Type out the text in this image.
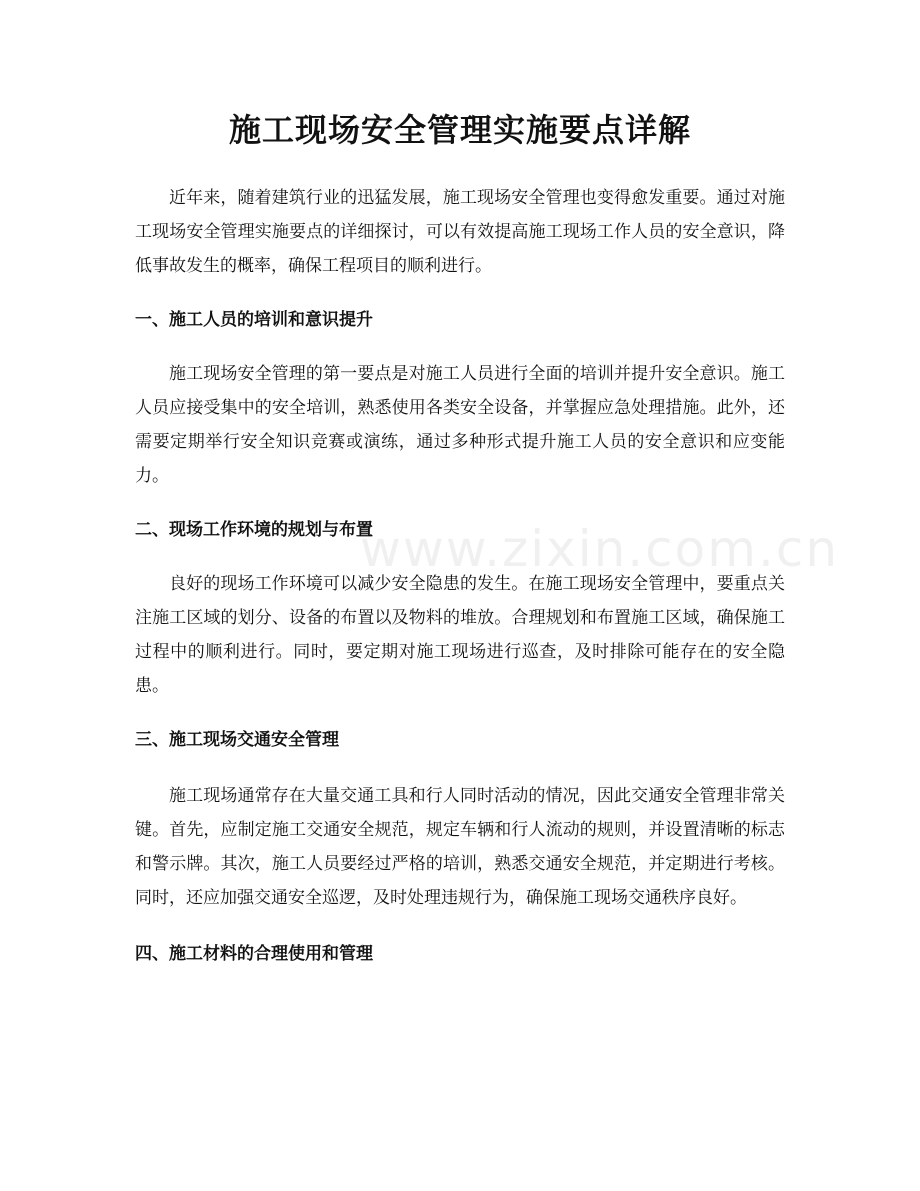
www.zixin.com.cn
施工现场安全管理实施要点详解

近年来，随着建筑行业的迅猛发展，施工现场安全管理也变得愈发重要。通过对施工现场安全管理实施要点的详细探讨，可以有效提高施工现场工作人员的安全意识，降低事故发生的概率，确保工程项目的顺利进行。

一、施工人员的培训和意识提升

施工现场安全管理的第一要点是对施工人员进行全面的培训并提升安全意识。施工人员应接受集中的安全培训，熟悉使用各类安全设备，并掌握应急处理措施。此外，还需要定期举行安全知识竞赛或演练，通过多种形式提升施工人员的安全意识和应变能力。

二、现场工作环境的规划与布置

良好的现场工作环境可以减少安全隐患的发生。在施工现场安全管理中，要重点关注施工区域的划分、设备的布置以及物料的堆放。合理规划和布置施工区域，确保施工过程中的顺利进行。同时，要定期对施工现场进行巡查，及时排除可能存在的安全隐患。

三、施工现场交通安全管理

施工现场通常存在大量交通工具和行人同时活动的情况，因此交通安全管理非常关键。首先，应制定施工交通安全规范，规定车辆和行人流动的规则，并设置清晰的标志和警示牌。其次，施工人员要经过严格的培训，熟悉交通安全规范，并定期进行考核。同时，还应加强交通安全巡逻，及时处理违规行为，确保施工现场交通秩序良好。

四、施工材料的合理使用和管理
